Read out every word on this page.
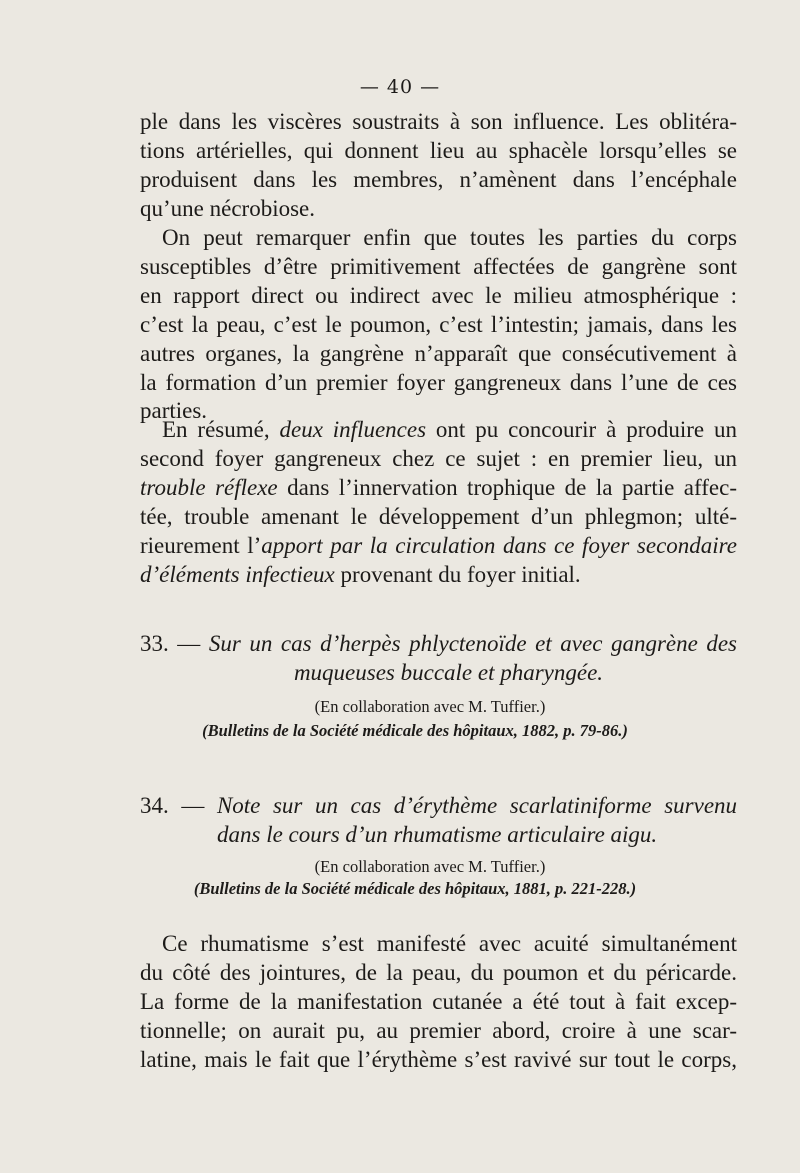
— 40 —
ple dans les viscères soustraits à son influence. Les oblitéra-
tions artérielles, qui donnent lieu au sphacèle lorsqu’elles se
produisent dans les membres, n’amènent dans l’encéphale
qu’une nécrobiose.
On peut remarquer enfin que toutes les parties du corps
susceptibles d’être primitivement affectées de gangrène sont
en rapport direct ou indirect avec le milieu atmosphérique :
c’est la peau, c’est le poumon, c’est l’intestin; jamais, dans les
autres organes, la gangrène n’apparaît que consécutivement à
la formation d’un premier foyer gangreneux dans l’une de ces
parties.
En résumé, deux influences ont pu concourir à produire un
second foyer gangreneux chez ce sujet : en premier lieu, un
trouble réflexe dans l’innervation trophique de la partie affec-
tée, trouble amenant le développement d’un phlegmon; ulté-
rieurement l’apport par la circulation dans ce foyer secondaire
d’éléments infectieux provenant du foyer initial.
33. — Sur un cas d’herpès phlyctenoïde et avec gangrène des
muqueuses buccale et pharyngée.
(En collaboration avec M. Tuffier.)
(Bulletins de la Société médicale des hôpitaux, 1882, p. 79-86.)
34. — Note sur un cas d’érythème scarlatiniforme survenu
dans le cours d’un rhumatisme articulaire aigu.
(En collaboration avec M. Tuffier.)
(Bulletins de la Société médicale des hôpitaux, 1881, p. 221-228.)
Ce rhumatisme s’est manifesté avec acuité simultanément
du côté des jointures, de la peau, du poumon et du péricarde.
La forme de la manifestation cutanée a été tout à fait excep-
tionnelle; on aurait pu, au premier abord, croire à une scar-
latine, mais le fait que l’érythème s’est ravivé sur tout le corps,
